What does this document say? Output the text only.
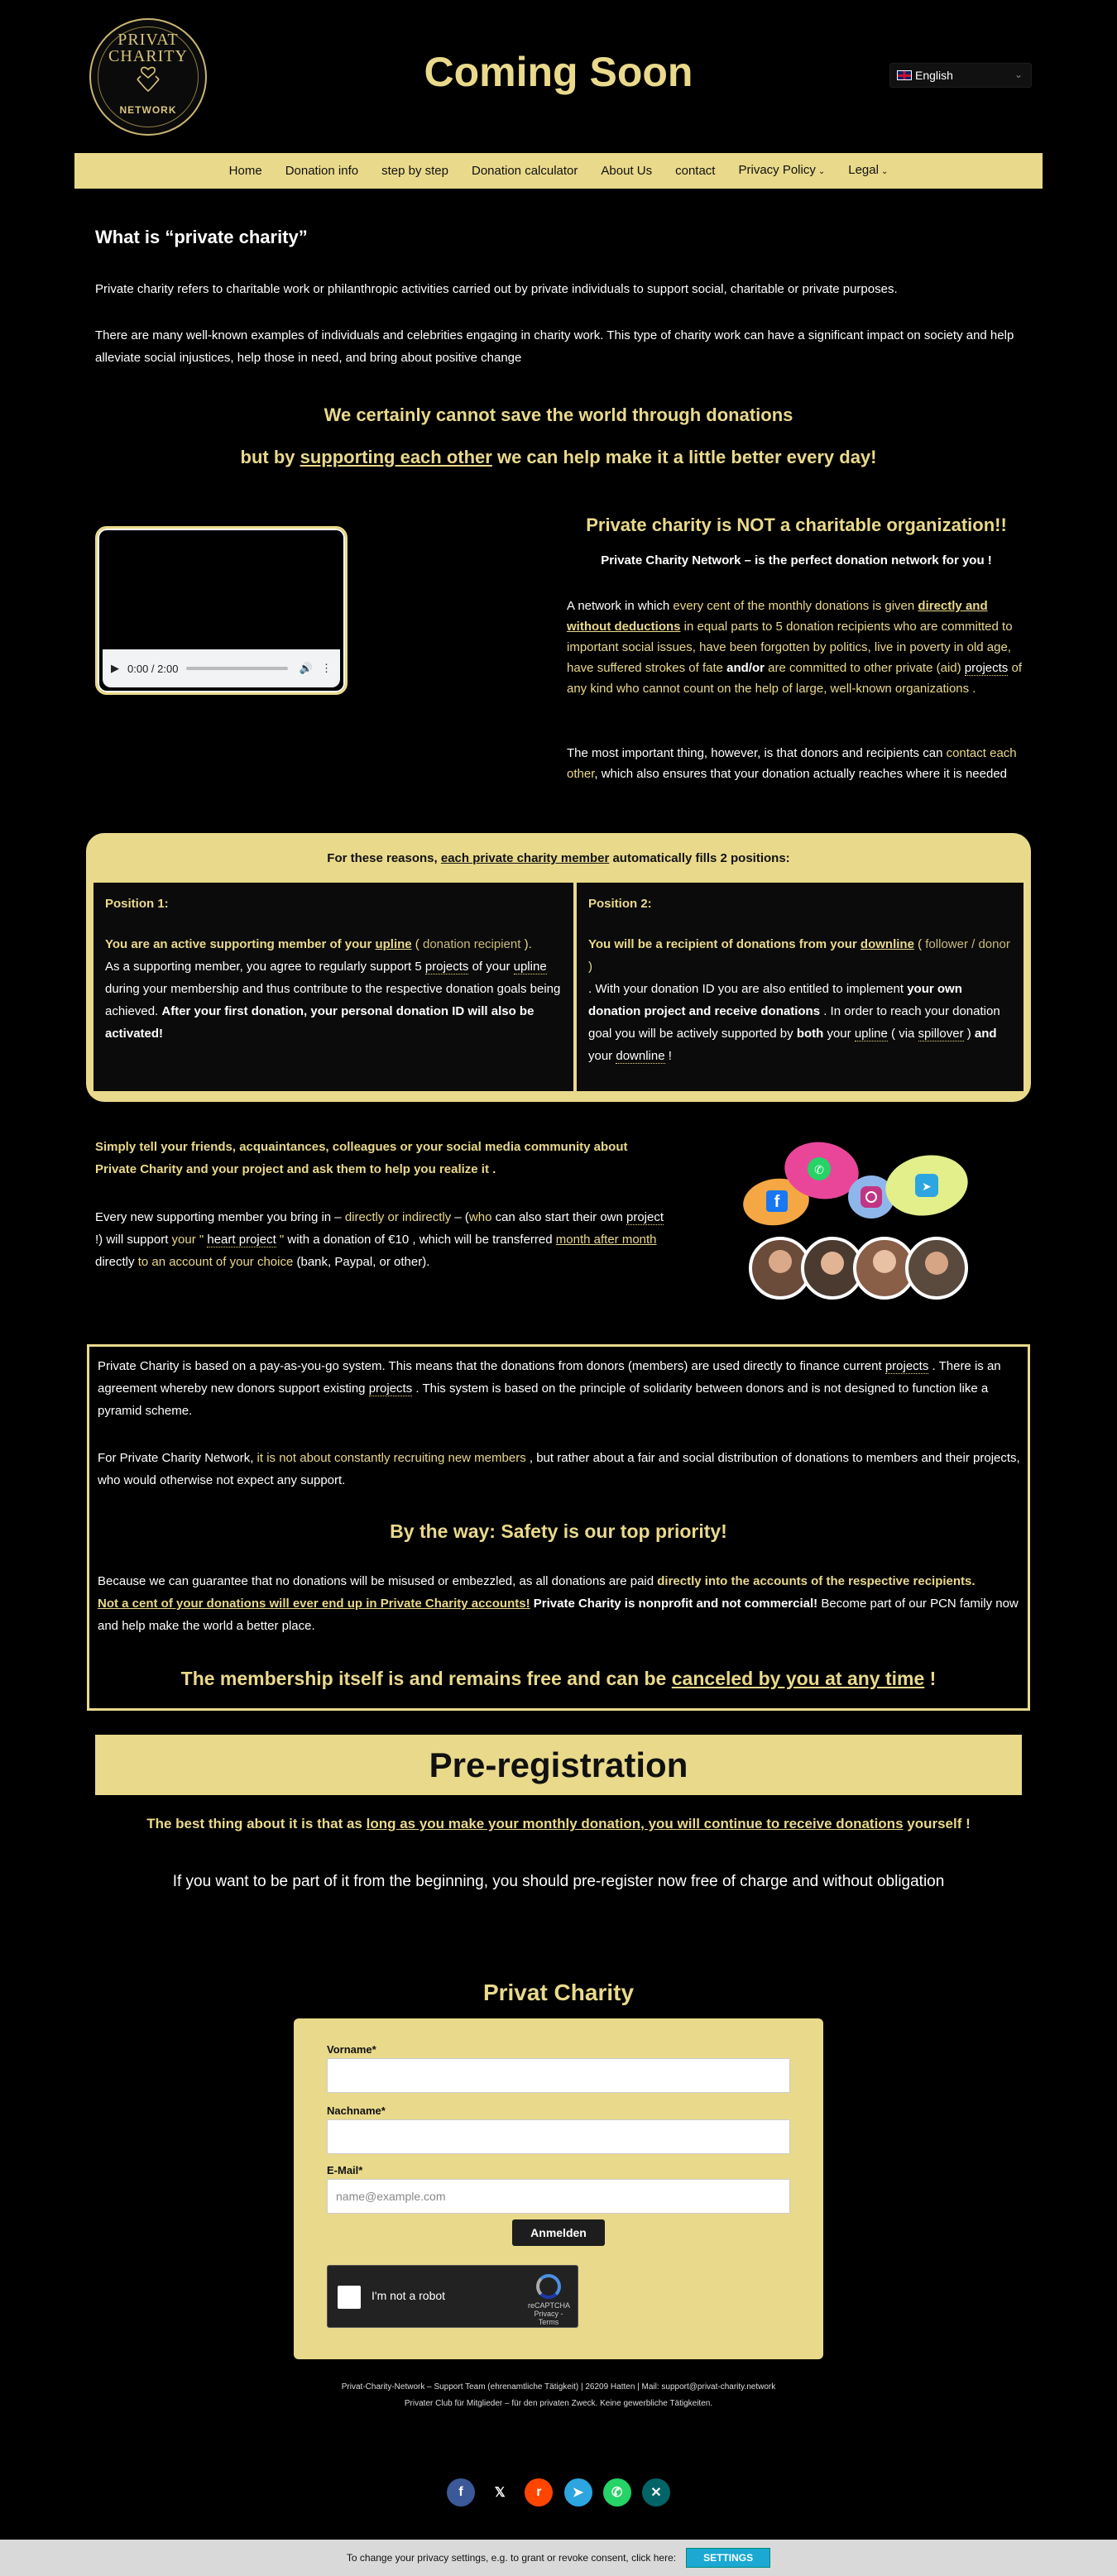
PRIVAT CHARITY
NETWORK
Coming Soon	English	⌄
Home	Donation info	step by step	Donation calculator	About Us	contact	Privacy Policy ⌄	Legal ⌄
What is “private charity”
Private charity refers to charitable work or philanthropic activities carried out by private individuals to support social, charitable or private purposes.
There are many well-known examples of individuals and celebrities engaging in charity work. This type of charity work can have a significant impact on society and help alleviate social injustices, help those in need, and bring about positive change
We certainly cannot save the world through donations
but by supporting each other we can help make it a little better every day!
▶ 0:00 / 2:00	🔊 ⋮
Private charity is NOT a charitable organization!!
Private Charity Network – is the perfect donation network for you !
A network in which every cent of the monthly donations is given directly and without deductions in equal parts to 5 donation recipients who are committed to important social issues, have been forgotten by politics, live in poverty in old age, have suffered strokes of fate and/or are committed to other private (aid) projects of any kind who cannot count on the help of large, well-known organizations .
The most important thing, however, is that donors and recipients can contact each other, which also ensures that your donation actually reaches where it is needed
For these reasons, each private charity member automatically fills 2 positions:
Position 1:
You are an active supporting member of your upline ( donation recipient ).
As a supporting member, you agree to regularly support 5 projects of your upline during your membership and thus contribute to the respective donation goals being achieved. After your first donation, your personal donation ID will also be activated!
Position 2:
You will be a recipient of donations from your downline ( follower / donor )
. With your donation ID you are also entitled to implement your own donation project and receive donations . In order to reach your donation goal you will be actively supported by both your upline ( via spillover ) and your downline !
Simply tell your friends, acquaintances, colleagues or your social media community about Private Charity and your project and ask them to help you realize it .
Every new supporting member you bring in – directly or indirectly – (who can also start their own project !) will support your " heart project " with a donation of €10 , which will be transferred month after month directly to an account of your choice (bank, Paypal, or other).
f
✆
➤
Private Charity is based on a pay-as-you-go system. This means that the donations from donors (members) are used directly to finance current projects . There is an agreement whereby new donors support existing projects . This system is based on the principle of solidarity between donors and is not designed to function like a pyramid scheme.
For Private Charity Network, it is not about constantly recruiting new members , but rather about a fair and social distribution of donations to members and their projects, who would otherwise not expect any support.
By the way: Safety is our top priority!
Because we can guarantee that no donations will be misused or embezzled, as all donations are paid directly into the accounts of the respective recipients.
Not a cent of your donations will ever end up in Private Charity accounts! Private Charity is nonprofit and not commercial! Become part of our PCN family now and help make the world a better place.
The membership itself is and remains free and can be canceled by you at any time !
Pre-registration
The best thing about it is that as long as you make your monthly donation, you will continue to receive donations yourself !
If you want to be part of it from the beginning, you should pre-register now free of charge and without obligation
Privat Charity
Vorname*
Nachname*
E-Mail*
name@example.com
Anmelden
I'm not a robot
reCAPTCHA
Privacy - Terms
Privat-Charity-Network – Support Team (ehrenamtliche Tätigkeit) | 26209 Hatten | Mail: support@privat-charity.network
Privater Club für Mitglieder – für den privaten Zweck. Keine gewerbliche Tätigkeiten.
f	𝕏	r	➤	✆	✕
To change your privacy settings, e.g. to grant or revoke consent, click here:	SETTINGS
